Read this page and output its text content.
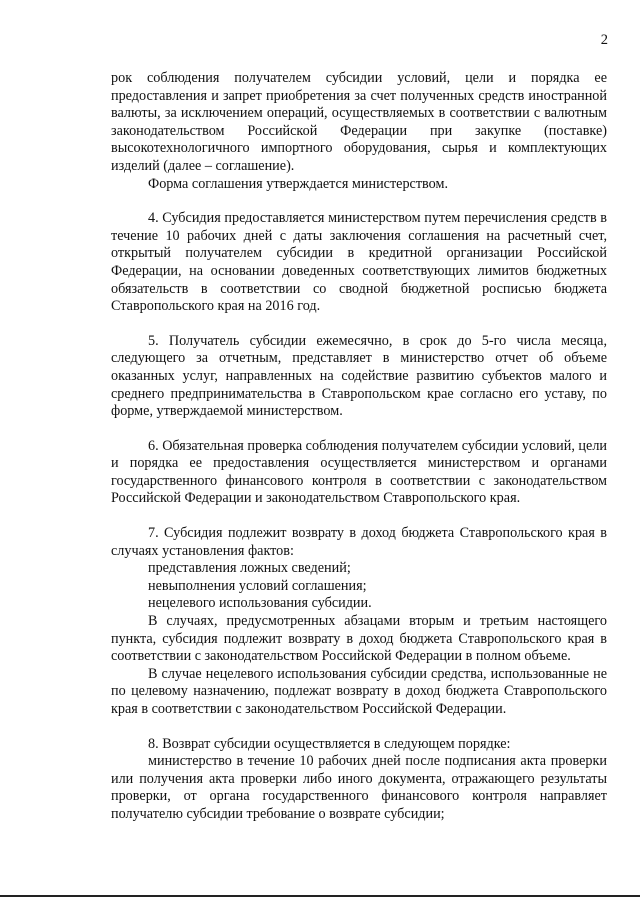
2

рок соблюдения получателем субсидии условий, цели и порядка ее предоставления и запрет приобретения за счет полученных средств иностранной валюты, за исключением операций, осуществляемых в соответствии с валютным законодательством Российской Федерации при закупке (поставке) высокотехнологичного импортного оборудования, сырья и комплектующих изделий (далее – соглашение).

Форма соглашения утверждается министерством.

4. Субсидия предоставляется министерством путем перечисления средств в течение 10 рабочих дней с даты заключения соглашения на расчетный счет, открытый получателем субсидии в кредитной организации Российской Федерации, на основании доведенных соответствующих лимитов бюджетных обязательств в соответствии со сводной бюджетной росписью бюджета Ставропольского края на 2016 год.

5. Получатель субсидии ежемесячно, в срок до 5-го числа месяца, следующего за отчетным, представляет в министерство отчет об объеме оказанных услуг, направленных на содействие развитию субъектов малого и среднего предпринимательства в Ставропольском крае согласно его уставу, по форме, утверждаемой министерством.

6. Обязательная проверка соблюдения получателем субсидии условий, цели и порядка ее предоставления осуществляется министерством и органами государственного финансового контроля в соответствии с законодательством Российской Федерации и законодательством Ставропольского края.

7. Субсидия подлежит возврату в доход бюджета Ставропольского края в случаях установления фактов:

представления ложных сведений;

невыполнения условий соглашения;

нецелевого использования субсидии.

В случаях, предусмотренных абзацами вторым и третьим настоящего пункта, субсидия подлежит возврату в доход бюджета Ставропольского края в соответствии с законодательством Российской Федерации в полном объеме.

В случае нецелевого использования субсидии средства, использованные не по целевому назначению, подлежат возврату в доход бюджета Ставропольского края в соответствии с законодательством Российской Федерации.

8. Возврат субсидии осуществляется в следующем порядке:

министерство в течение 10 рабочих дней после подписания акта проверки или получения акта проверки либо иного документа, отражающего результаты проверки, от органа государственного финансового контроля направляет получателю субсидии требование о возврате субсидии;
